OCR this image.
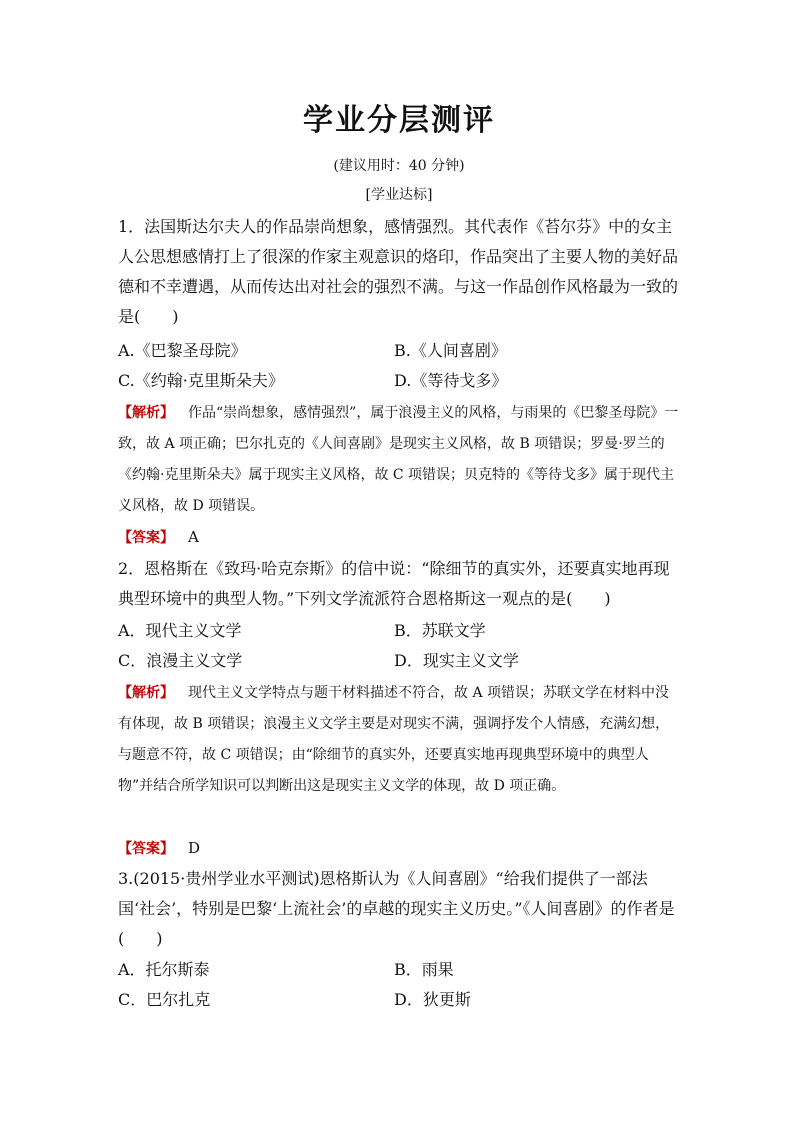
学业分层测评
(建议用时：40 分钟)
[学业达标]
1．法国斯达尔夫人的作品崇尚想象，感情强烈。其代表作《苔尔芬》中的女主人公思想感情打上了很深的作家主观意识的烙印，作品突出了主要人物的美好品德和不幸遭遇，从而传达出对社会的强烈不满。与这一作品创作风格最为一致的是(　　)
A.《巴黎圣母院》	B.《人间喜剧》
C.《约翰·克里斯朵夫》	D.《等待戈多》
【解析】 作品“崇尚想象，感情强烈”，属于浪漫主义的风格，与雨果的《巴黎圣母院》一致，故 A 项正确；巴尔扎克的《人间喜剧》是现实主义风格，故 B 项错误；罗曼·罗兰的《约翰·克里斯朵夫》属于现实主义风格，故 C 项错误；贝克特的《等待戈多》属于现代主义风格，故 D 项错误。
【答案】 A
2．恩格斯在《致玛·哈克奈斯》的信中说：“除细节的真实外，还要真实地再现典型环境中的典型人物。”下列文学流派符合恩格斯这一观点的是(　　)
A．现代主义文学	B．苏联文学
C．浪漫主义文学	D．现实主义文学
【解析】 现代主义文学特点与题干材料描述不符合，故 A 项错误；苏联文学在材料中没有体现，故 B 项错误；浪漫主义文学主要是对现实不满，强调抒发个人情感，充满幻想，与题意不符，故 C 项错误；由“除细节的真实外，还要真实地再现典型环境中的典型人物”并结合所学知识可以判断出这是现实主义文学的体现，故 D 项正确。
【答案】 D
3.(2015·贵州学业水平测试)恩格斯认为《人间喜剧》“给我们提供了一部法国‘社会’，特别是巴黎‘上流社会’的卓越的现实主义历史。”《人间喜剧》的作者是(　　)
A．托尔斯泰	B．雨果
C．巴尔扎克	D．狄更斯
